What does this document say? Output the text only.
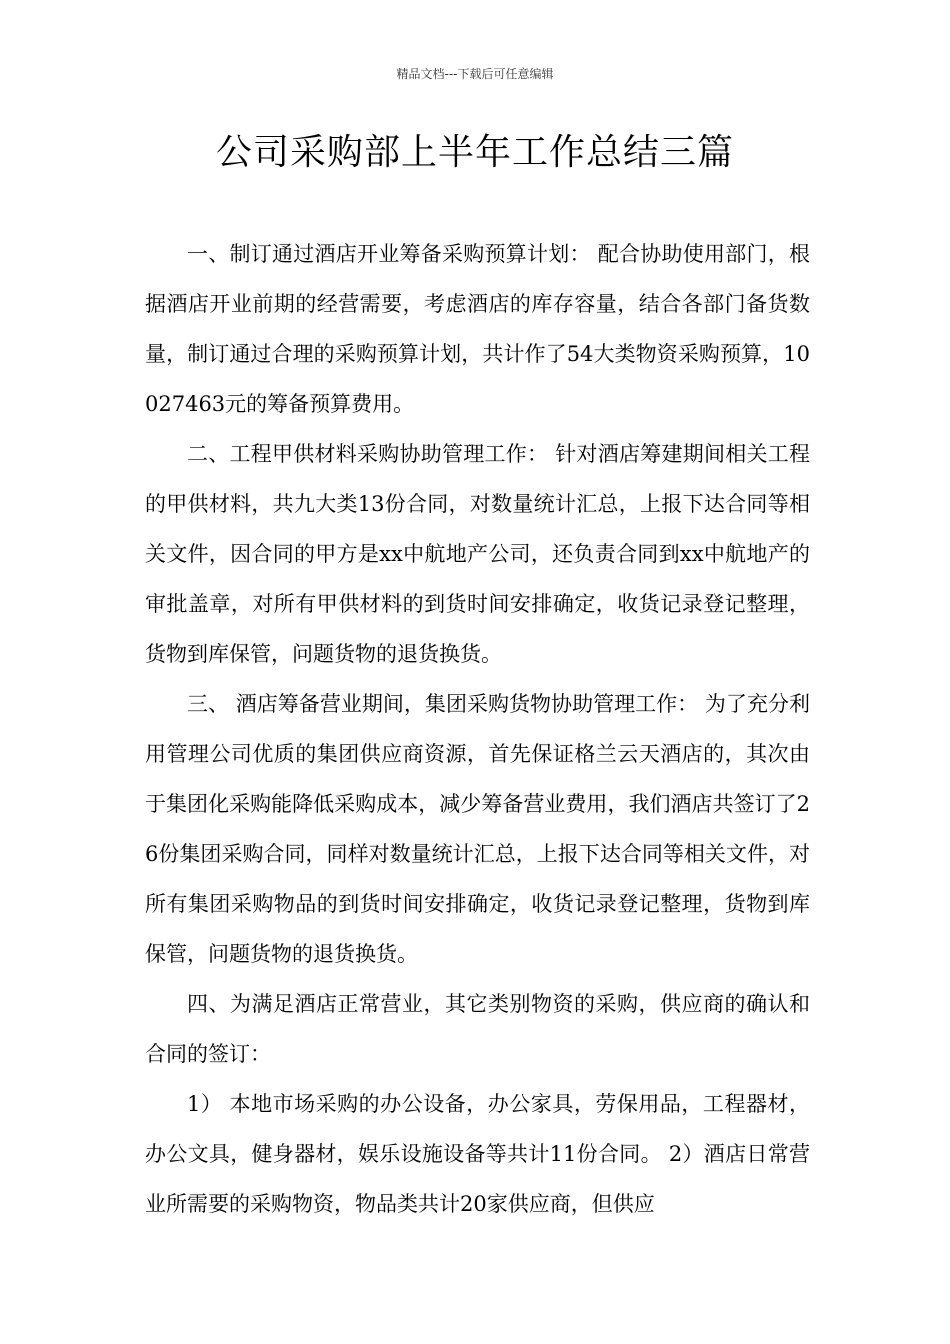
精品文档---下载后可任意编辑
公司采购部上半年工作总结三篇

一、制订通过酒店开业筹备采购预算计划： 配合协助使用部门，根据酒店开业前期的经营需要，考虑酒店的库存容量，结合各部门备货数量，制订通过合理的采购预算计划，共计作了54大类物资采购预算，10027463元的筹备预算费用。

二、工程甲供材料采购协助管理工作： 针对酒店筹建期间相关工程的甲供材料，共九大类13份合同，对数量统计汇总，上报下达合同等相关文件，因合同的甲方是xx中航地产公司，还负责合同到xx中航地产的审批盖章，对所有甲供材料的到货时间安排确定，收货记录登记整理，货物到库保管，问题货物的退货换货。

三、 酒店筹备营业期间，集团采购货物协助管理工作： 为了充分利用管理公司优质的集团供应商资源，首先保证格兰云天酒店的，其次由于集团化采购能降低采购成本，减少筹备营业费用，我们酒店共签订了26份集团采购合同，同样对数量统计汇总，上报下达合同等相关文件，对所有集团采购物品的到货时间安排确定，收货记录登记整理，货物到库保管，问题货物的退货换货。

四、为满足酒店正常营业，其它类别物资的采购，供应商的确认和合同的签订：

1） 本地市场采购的办公设备，办公家具，劳保用品，工程器材，办公文具，健身器材，娱乐设施设备等共计11份合同。 2）酒店日常营业所需要的采购物资，物品类共计20家供应商，但供应
